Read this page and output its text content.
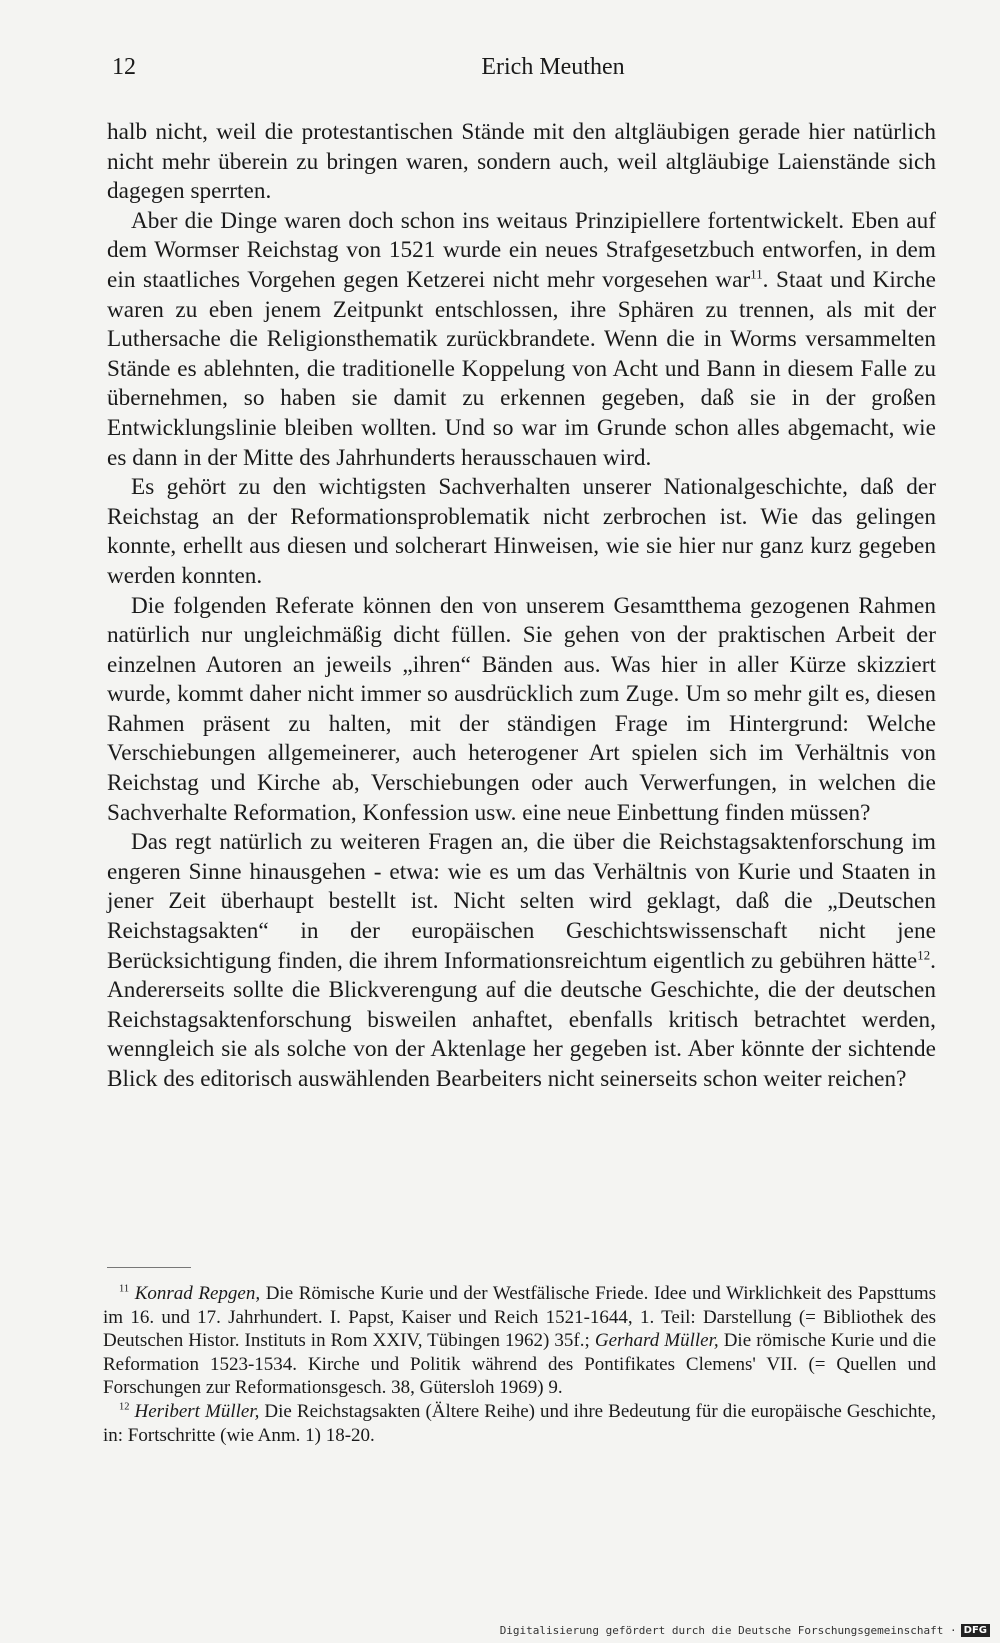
12	Erich Meuthen

halb nicht, weil die protestantischen Stände mit den altgläubigen gerade hier natürlich nicht mehr überein zu bringen waren, sondern auch, weil altgläubige Laienstände sich dagegen sperrten.

Aber die Dinge waren doch schon ins weitaus Prinzipiellere fortentwickelt. Eben auf dem Wormser Reichstag von 1521 wurde ein neues Strafgesetzbuch entworfen, in dem ein staatliches Vorgehen gegen Ketzerei nicht mehr vorgesehen war$^{11}$. Staat und Kirche waren zu eben jenem Zeitpunkt entschlossen, ihre Sphären zu trennen, als mit der Luthersache die Religionsthematik zurückbrandete. Wenn die in Worms versammelten Stände es ablehnten, die traditionelle Koppelung von Acht und Bann in diesem Falle zu übernehmen, so haben sie damit zu erkennen gegeben, daß sie in der großen Entwicklungslinie bleiben wollten. Und so war im Grunde schon alles abgemacht, wie es dann in der Mitte des Jahrhunderts herausschauen wird.

Es gehört zu den wichtigsten Sachverhalten unserer Nationalgeschichte, daß der Reichstag an der Reformationsproblematik nicht zerbrochen ist. Wie das gelingen konnte, erhellt aus diesen und solcherart Hinweisen, wie sie hier nur ganz kurz gegeben werden konnten.

Die folgenden Referate können den von unserem Gesamtthema gezogenen Rahmen natürlich nur ungleichmäßig dicht füllen. Sie gehen von der praktischen Arbeit der einzelnen Autoren an jeweils „ihren“ Bänden aus. Was hier in aller Kürze skizziert wurde, kommt daher nicht immer so ausdrücklich zum Zuge. Um so mehr gilt es, diesen Rahmen präsent zu halten, mit der ständigen Frage im Hintergrund: Welche Verschiebungen allgemeinerer, auch heterogener Art spielen sich im Verhältnis von Reichstag und Kirche ab, Verschiebungen oder auch Verwerfungen, in welchen die Sachverhalte Reformation, Konfession usw. eine neue Einbettung finden müssen?

Das regt natürlich zu weiteren Fragen an, die über die Reichstagsaktenforschung im engeren Sinne hinausgehen - etwa: wie es um das Verhältnis von Kurie und Staaten in jener Zeit überhaupt bestellt ist. Nicht selten wird geklagt, daß die „Deutschen Reichstagsakten“ in der europäischen Geschichtswissenschaft nicht jene Berücksichtigung finden, die ihrem Informationsreichtum eigentlich zu gebühren hätte$^{12}$. Andererseits sollte die Blickverengung auf die deutsche Geschichte, die der deutschen Reichstagsaktenforschung bisweilen anhaftet, ebenfalls kritisch betrachtet werden, wenngleich sie als solche von der Aktenlage her gegeben ist. Aber könnte der sichtende Blick des editorisch auswählenden Bearbeiters nicht seinerseits schon weiter reichen?

$^{11}$ Konrad Repgen, Die Römische Kurie und der Westfälische Friede. Idee und Wirklichkeit des Papsttums im 16. und 17. Jahrhundert. I. Papst, Kaiser und Reich 1521-1644, 1. Teil: Darstellung (= Bibliothek des Deutschen Histor. Instituts in Rom XXIV, Tübingen 1962) 35f.; Gerhard Müller, Die römische Kurie und die Reformation 1523-1534. Kirche und Politik während des Pontifikates Clemens' VII. (= Quellen und Forschungen zur Reformationsgesch. 38, Gütersloh 1969) 9.

$^{12}$ Heribert Müller, Die Reichstagsakten (Ältere Reihe) und ihre Bedeutung für die europäische Geschichte, in: Fortschritte (wie Anm. 1) 18-20.

Digitalisierung gefördert durch die Deutsche Forschungsgemeinschaft · DFG
